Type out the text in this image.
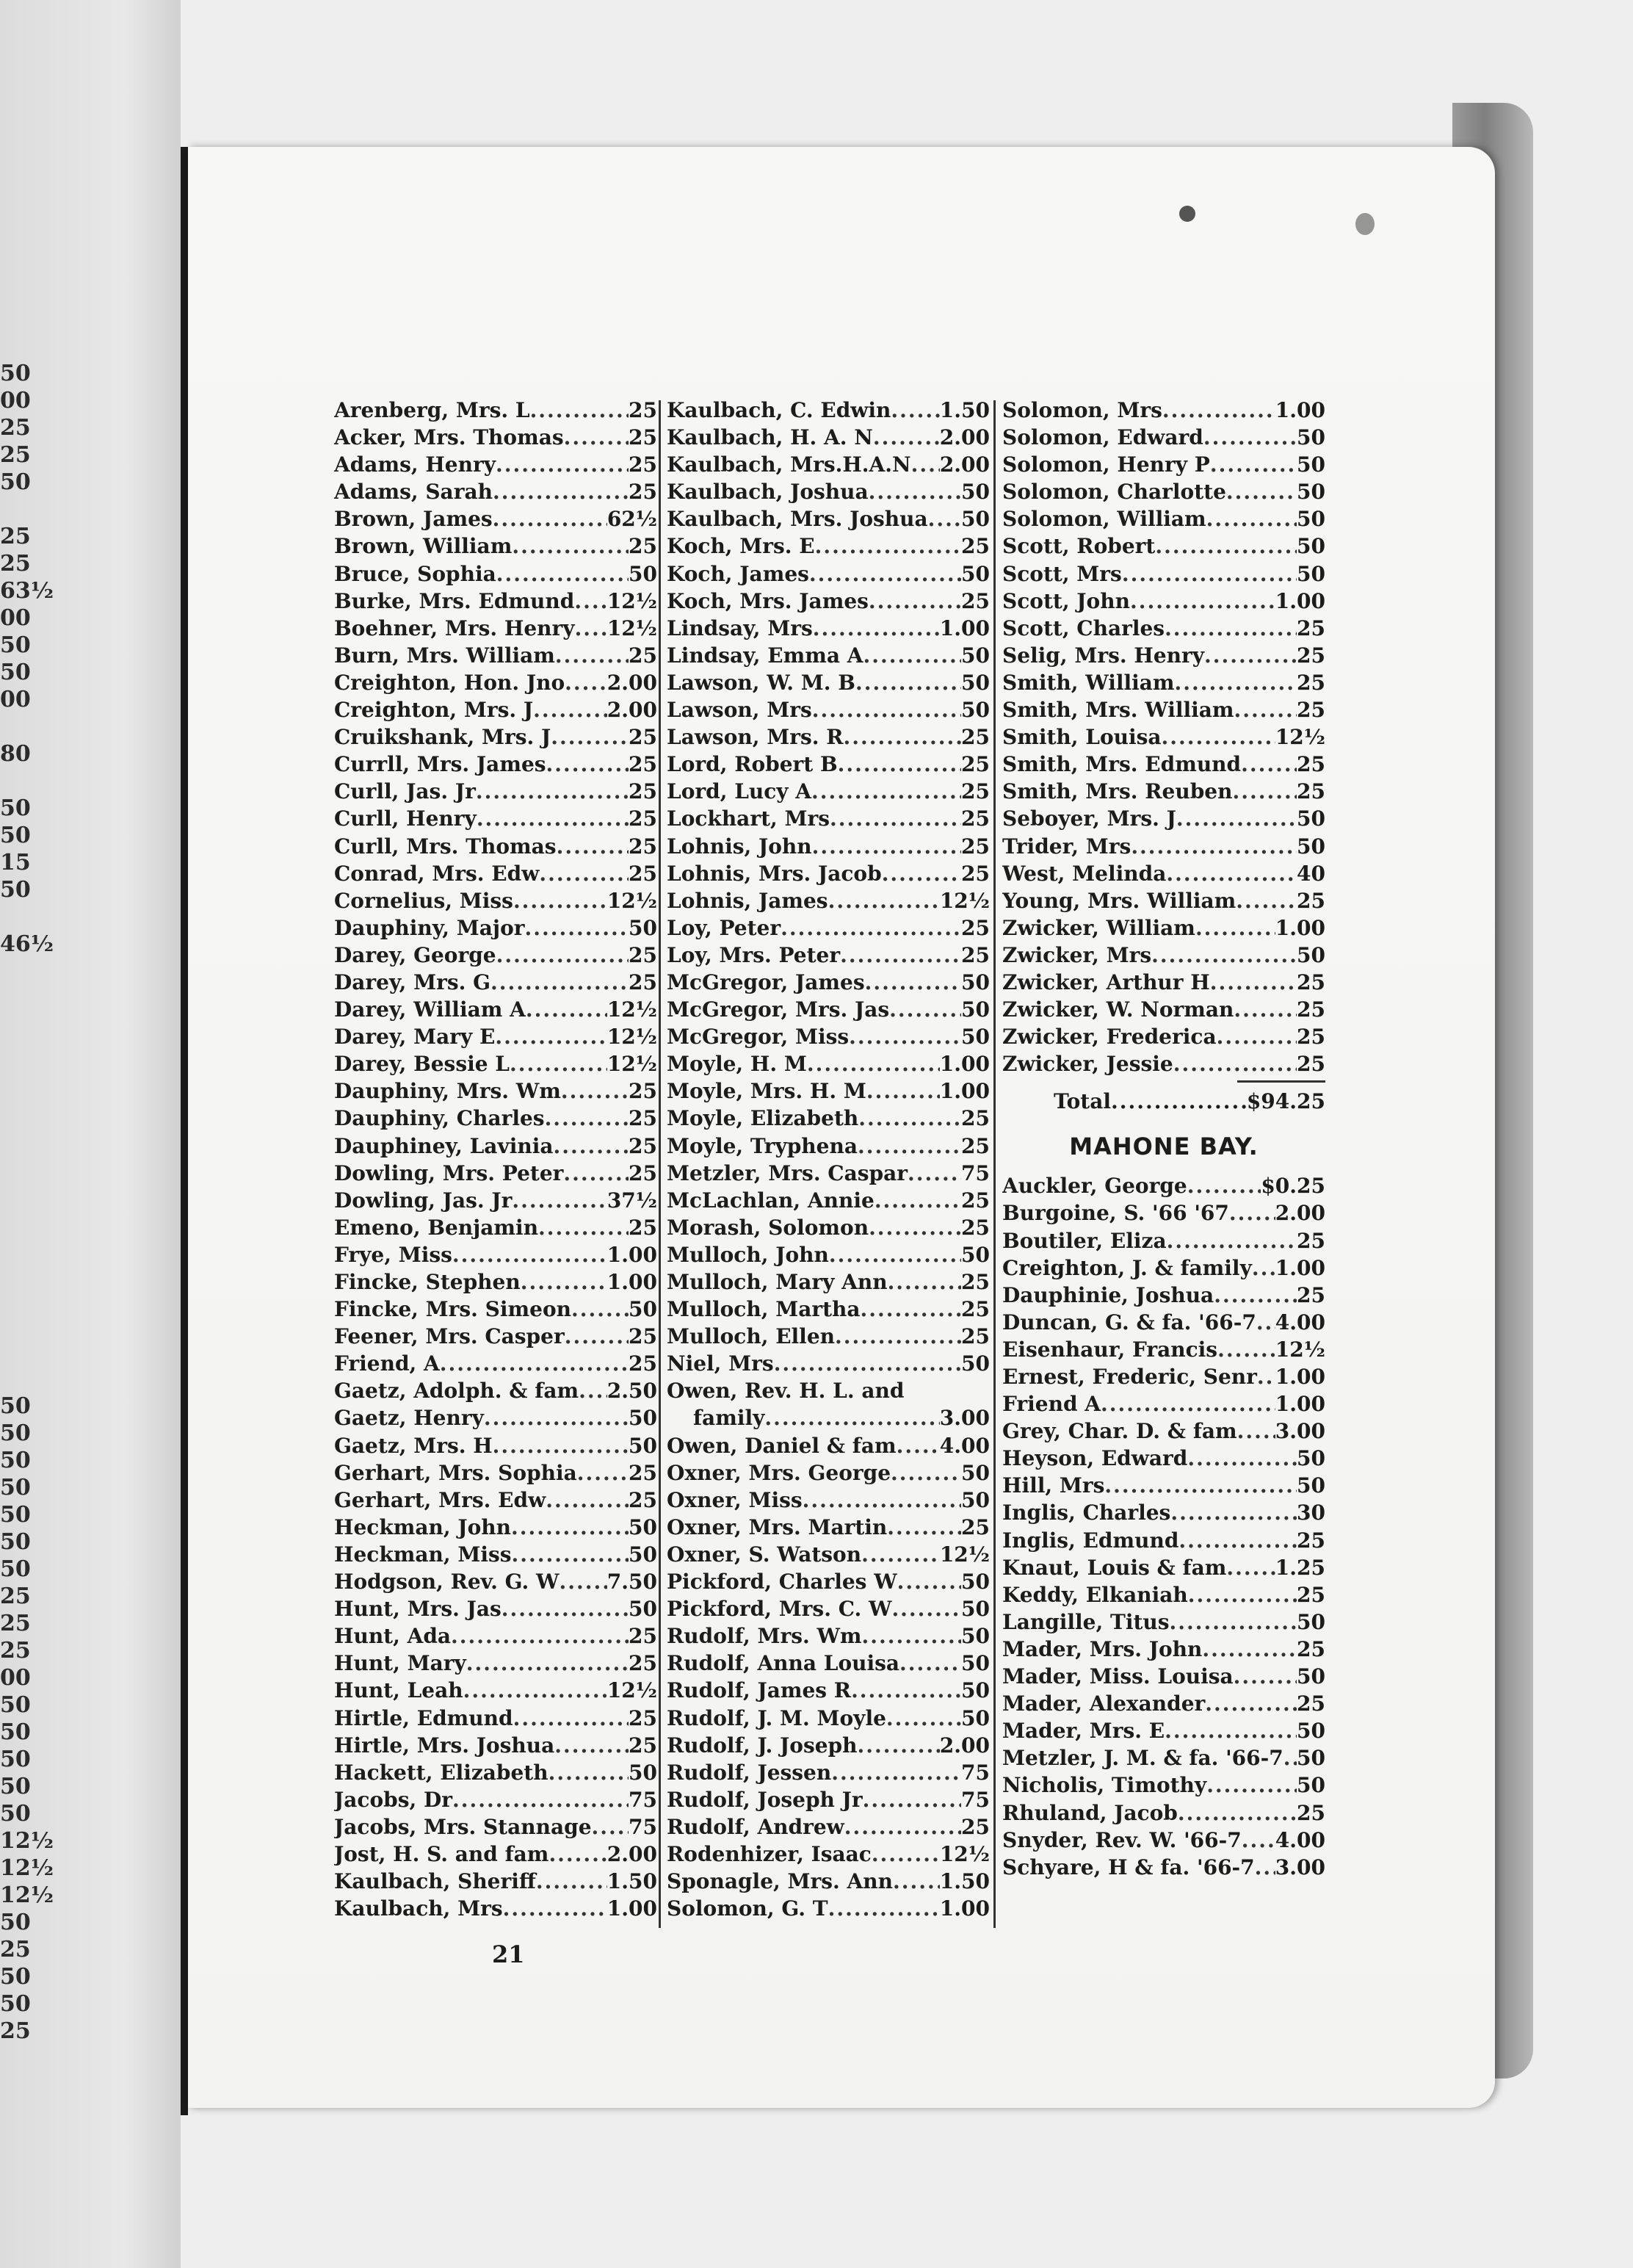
50
00
25
25
50
25
25
63½
00
50
50
00
80
50
50
15
50
46½
50
50
50
50
50
50
50
25
25
25
00
50
50
50
50
50
12½
12½
12½
50
25
50
50
25
Arenberg, Mrs. L .....	25
Acker, Mrs. Thomas .....	25
Adams, Henry .....	25
Adams, Sarah .....	25
Brown, James .....	62½
Brown, William .....	25
Bruce, Sophia .....	50
Burke, Mrs. Edmund ..... 12½
Boehner, Mrs. Henry ..... 12½
Burn, Mrs. William .....	25
Creighton, Hon. Jno ..... 2.00
Creighton, Mrs. J .....	2.00
Cruikshank, Mrs. J .....	25
Currll, Mrs. James .....	25
Curll, Jas. Jr .....	25
Curll, Henry .....	25
Curll, Mrs. Thomas .....	25
Conrad, Mrs. Edw .....	25
Cornelius, Miss .....	12½
Dauphiny, Major .....	50
Darey, George .....	25
Darey, Mrs. G .....	25
Darey, William A .....	12½
Darey, Mary E .....	12½
Darey, Bessie L .....	12½
Dauphiny, Mrs. Wm .....	25
Dauphiny, Charles .....	25
Dauphiney, Lavinia .....	25
Dowling, Mrs. Peter .....	25
Dowling, Jas. Jr .....	37½
Emeno, Benjamin .....	25
Frye, Miss .....	1.00
Fincke, Stephen .....	1.00
Fincke, Mrs. Simeon .....	50
Feener, Mrs. Casper .....	25
Friend, A .....	25
Gaetz, Adolph. & fam ..... 2.50
Gaetz, Henry .....	50
Gaetz, Mrs. H .....	50
Gerhart, Mrs. Sophia .....	25
Gerhart, Mrs. Edw .....	25
Heckman, John .....	50
Heckman, Miss .....	50
Hodgson, Rev. G. W ..... 7.50
Hunt, Mrs. Jas .....	50
Hunt, Ada .....	25
Hunt, Mary .....	25
Hunt, Leah .....	12½
Hirtle, Edmund .....	25
Hirtle, Mrs. Joshua .....	25
Hackett, Elizabeth .....	50
Jacobs, Dr .....	75
Jacobs, Mrs. Stannage ..... 75
Jost, H. S. and fam .....	2.00
Kaulbach, Sheriff .....	1.50
Kaulbach, Mrs .....	1.00
Kaulbach, C. Edwin ..... 1.50
Kaulbach, H. A. N .....	2.00
Kaulbach, Mrs.H.A.N ..... 2.00
Kaulbach, Joshua .....	50
Kaulbach, Mrs. Joshua ..... 50
Koch, Mrs. E .....	25
Koch, James .....	50
Koch, Mrs. James .....	25
Lindsay, Mrs .....	1.00
Lindsay, Emma A .....	50
Lawson, W. M. B .....	50
Lawson, Mrs .....	50
Lawson, Mrs. R .....	25
Lord, Robert B .....	25
Lord, Lucy A .....	25
Lockhart, Mrs .....	25
Lohnis, John .....	25
Lohnis, Mrs. Jacob .....	25
Lohnis, James .....	12½
Loy, Peter .....	25
Loy, Mrs. Peter .....	25
McGregor, James .....	50
McGregor, Mrs. Jas .....	50
McGregor, Miss .....	50
Moyle, H. M .....	1.00
Moyle, Mrs. H. M .....	1.00
Moyle, Elizabeth .....	25
Moyle, Tryphena .....	25
Metzler, Mrs. Caspar .....	75
McLachlan, Annie .....	25
Morash, Solomon .....	25
Mulloch, John .....	50
Mulloch, Mary Ann .....	25
Mulloch, Martha .....	25
Mulloch, Ellen .....	25
Niel, Mrs .....	50
Owen, Rev. H. L. and
family .....	3.00
Owen, Daniel & fam ..... 4.00
Oxner, Mrs. George .....	50
Oxner, Miss .....	50
Oxner, Mrs. Martin .....	25
Oxner, S. Watson .....	12½
Pickford, Charles W .....	50
Pickford, Mrs. C. W .....	50
Rudolf, Mrs. Wm .....	50
Rudolf, Anna Louisa .....	50
Rudolf, James R .....	50
Rudolf, J. M. Moyle .....	50
Rudolf, J. Joseph .....	2.00
Rudolf, Jessen .....	75
Rudolf, Joseph Jr .....	75
Rudolf, Andrew .....	25
Rodenhizer, Isaac .....	12½
Sponagle, Mrs. Ann ..... 1.50
Solomon, G. T .....	1.00
Solomon, Mrs .....	1.00
Solomon, Edward .....	50
Solomon, Henry P .....	50
Solomon, Charlotte .....	50
Solomon, William .....	50
Scott, Robert .....	50
Scott, Mrs .....	50
Scott, John .....	1.00
Scott, Charles .....	25
Selig, Mrs. Henry .....	25
Smith, William .....	25
Smith, Mrs. William .....	25
Smith, Louisa .....	12½
Smith, Mrs. Edmund .....	25
Smith, Mrs. Reuben .....	25
Seboyer, Mrs. J .....	50
Trider, Mrs .....	50
West, Melinda .....	40
Young, Mrs. William .....	25
Zwicker, William .....	1.00
Zwicker, Mrs .....	50
Zwicker, Arthur H .....	25
Zwicker, W. Norman .....	25
Zwicker, Frederica .....	25
Zwicker, Jessie .....	25
Total .....	$94.25
MAHONE BAY.
Auckler, George .....	$0.25
Burgoine, S. '66 '67 ..... 2.00
Boutiler, Eliza .....	25
Creighton, J. & family ..... 1.00
Dauphinie, Joshua .....	25
Duncan, G. & fa. '66-7 ..... 4.00
Eisenhaur, Francis .....	12½
Ernest, Frederic, Senr ..... 1.00
Friend A .....	1.00
Grey, Char. D. & fam ..... 3.00
Heyson, Edward .....	50
Hill, Mrs .....	50
Inglis, Charles .....	30
Inglis, Edmund .....	25
Knaut, Louis & fam ..... 1.25
Keddy, Elkaniah .....	25
Langille, Titus .....	50
Mader, Mrs. John .....	25
Mader, Miss. Louisa .....	50
Mader, Alexander .....	25
Mader, Mrs. E .....	50
Metzler, J. M. & fa. '66-7 ..... 50
Nicholis, Timothy .....	50
Rhuland, Jacob .....	25
Snyder, Rev. W. '66-7 ..... 4.00
Schyare, H & fa. '66-7 ..... 3.00
21
